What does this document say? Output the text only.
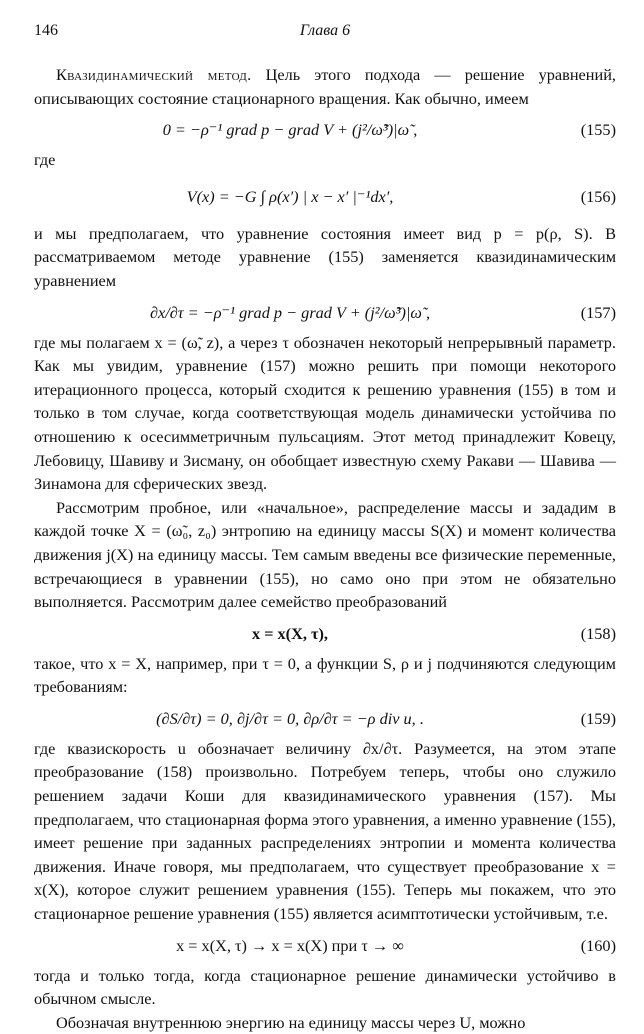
146	Глава 6

Квазидинамический метод. Цель этого подхода — решение уравнений, описывающих состояние стационарного вращения. Как обычно, имеем

0 = −ρ⁻¹ grad p − grad V + (j²/ω̃³)|ω̃ ,	(155)

где

V(x) = −G ∫ ρ(x′) | x − x′ |⁻¹dx′,	(156)

и мы предполагаем, что уравнение состояния имеет вид p = p(ρ, S). В рассматриваемом методе уравнение (155) заменяется квазидинамическим уравнением

∂x/∂τ = −ρ⁻¹ grad p − grad V + (j²/ω̃³)|ω̃ ,	(157)

где мы полагаем x = (ω̃, z), а через τ обозначен некоторый непрерывный параметр. Как мы увидим, уравнение (157) можно решить при помощи некоторого итерационного процесса, который сходится к решению уравнения (155) в том и только в том случае, когда соответствующая модель динамически устойчива по отношению к осесимметричным пульсациям. Этот метод принадлежит Ковецу, Лебовицу, Шавиву и Зисману, он обобщает известную схему Ракави — Шавива — Зинамона для сферических звезд.

Рассмотрим пробное, или «начальное», распределение массы и зададим в каждой точке X = (ω̃₀, z₀) энтропию на единицу массы S(X) и момент количества движения j(X) на единицу массы. Тем самым введены все физические переменные, встречающиеся в уравнении (155), но само оно при этом не обязательно выполняется. Рассмотрим далее семейство преобразований

x = x(X, τ),	(158)

такое, что x = X, например, при τ = 0, а функции S, ρ и j подчиняются следующим требованиям:

(∂S/∂τ) = 0, ∂j/∂τ = 0, ∂ρ/∂τ = −ρ div u, .	(159)

где квазискорость u обозначает величину ∂x/∂τ. Разумеется, на этом этапе преобразование (158) произвольно. Потребуем теперь, чтобы оно служило решением задачи Коши для квазидинамического уравнения (157). Мы предполагаем, что стационарная форма этого уравнения, а именно уравнение (155), имеет решение при заданных распределениях энтропии и момента количества движения. Иначе говоря, мы предполагаем, что существует преобразование x = x(X), которое служит решением уравнения (155). Теперь мы покажем, что это стационарное решение уравнения (155) является асимптотически устойчивым, т.е.

x = x(X, τ) → x = x(X) при τ → ∞	(160)

тогда и только тогда, когда стационарное решение динамически устойчиво в обычном смысле.

Обозначая внутреннюю энергию на единицу массы через U, можно
